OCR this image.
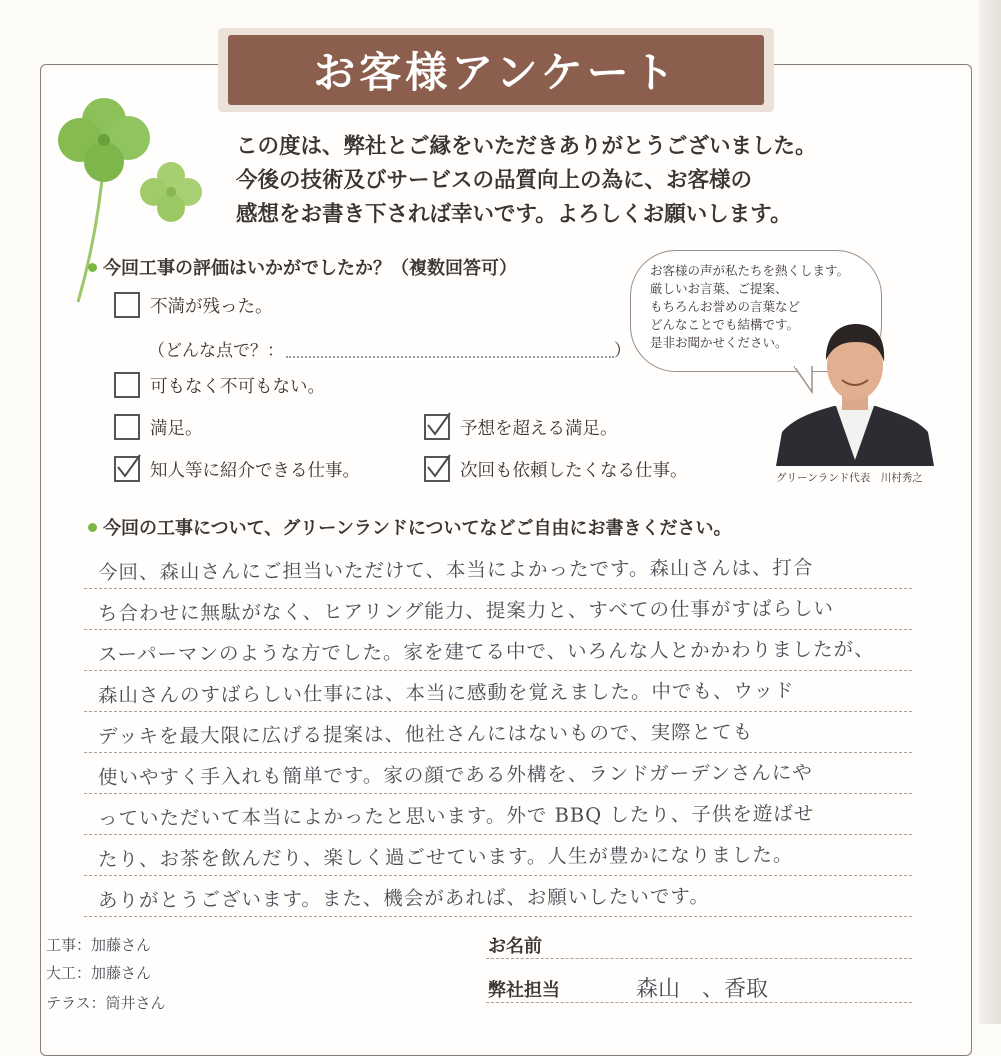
お客様アンケート

この度は、弊社とご縁をいただきありがとうございました。

今後の技術及びサービスの品質向上の為に、お客様の

感想をお書き下されば幸いです。よろしくお願いします。

今回工事の評価はいかがでしたか？（複数回答可）
不満が残った。
（どんな点で？：	）
可もなく不可もない。
満足。	予想を超える満足。
知人等に紹介できる仕事。	次回も依頼したくなる仕事。
お客様の声が私たちを熱くします。
厳しいお言葉、ご提案、
もちろんお誉めの言葉など
どんなことでも結構です。
是非お聞かせください。
グリーンランド代表　川村秀之
今回の工事について、グリーンランドについてなどご自由にお書きください。
今回、森山さんにご担当いただけて、本当によかったです。森山さんは、打合
ち合わせに無駄がなく、ヒアリング能力、提案力と、すべての仕事がすばらしい
スーパーマンのような方でした。家を建てる中で、いろんな人とかかわりましたが、
森山さんのすばらしい仕事には、本当に感動を覚えました。中でも、ウッド
デッキを最大限に広げる提案は、他社さんにはないもので、実際とても
使いやすく手入れも簡単です。家の顔である外構を、ランドガーデンさんにや
っていただいて本当によかったと思います。外で BBQ したり、子供を遊ばせ
たり、お茶を飲んだり、楽しく過ごせています。人生が豊かになりました。
ありがとうございます。また、機会があれば、お願いしたいです。
工事：加藤さん
大工：加藤さん
テラス：筒井さん
お名前
弊社担当	森山　、香取
